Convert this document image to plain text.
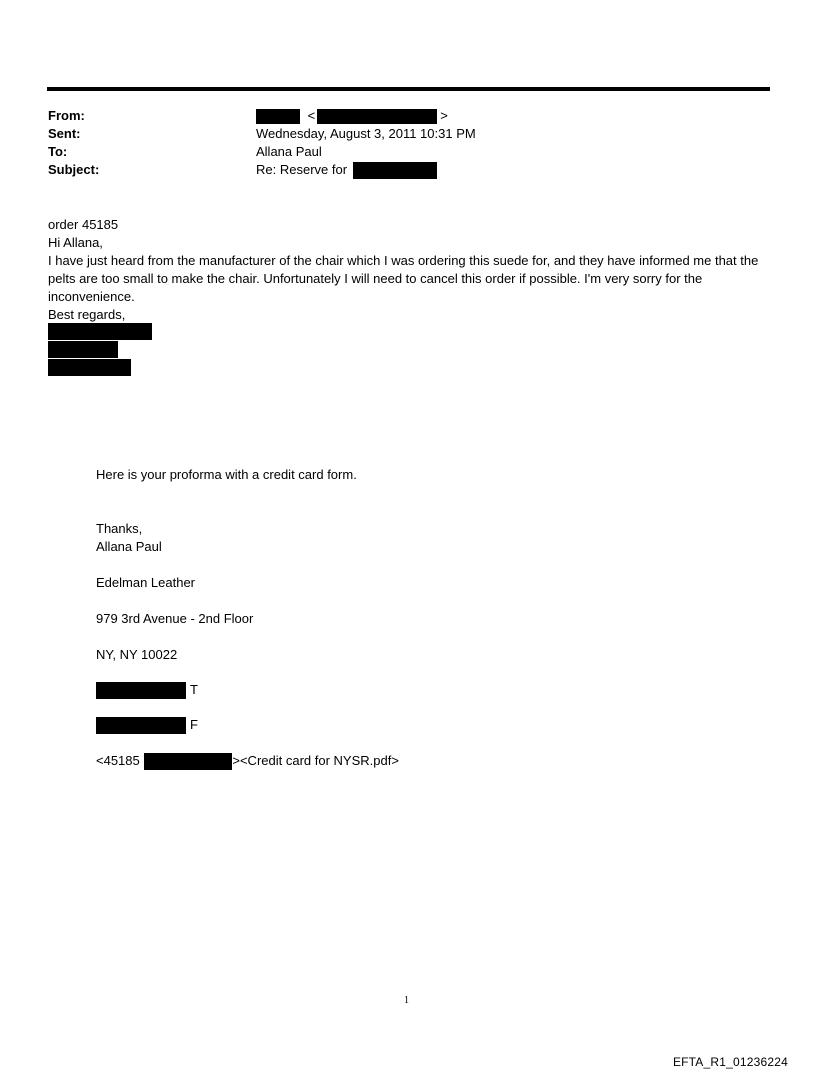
From:
Sent:
To:
Subject:
<	>
Wednesday, August 3, 2011 10:31 PM
Allana Paul
Re: Reserve for
order 45185
Hi Allana,
I have just heard from the manufacturer of the chair which I was ordering this suede for, and they have informed me that the pelts are too small to make the chair. Unfortunately I will need to cancel this order if possible. I'm very sorry for the inconvenience.
Best regards,
Here is your proforma with a credit card form.
Thanks,
Allana Paul
Edelman Leather
979 3rd Avenue - 2nd Floor
NY, NY 10022
T
F
<45185	><Credit card for NYSR.pdf>
1
EFTA_R1_01236224
